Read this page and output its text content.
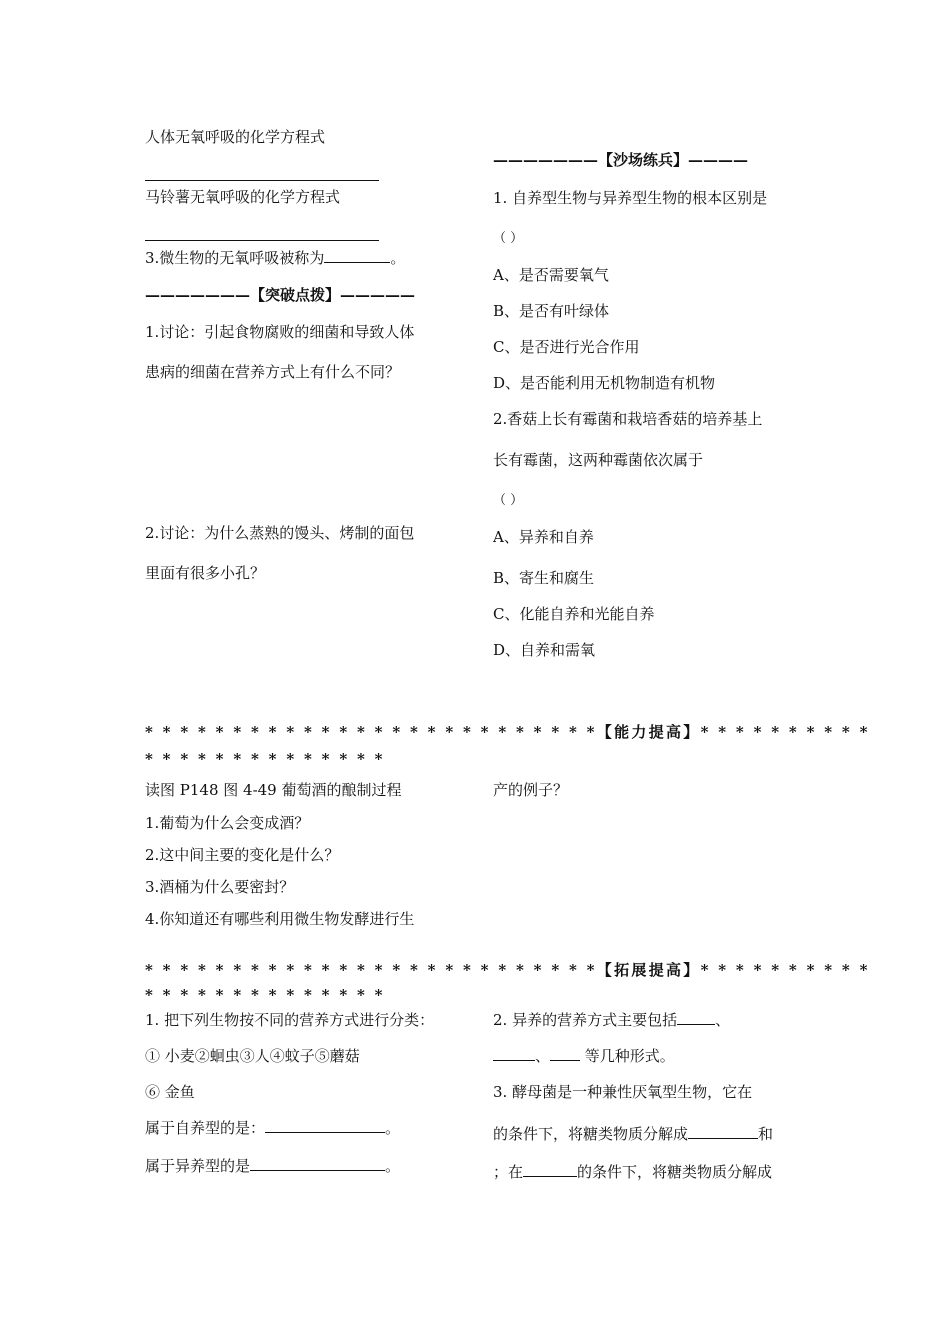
人体无氧呼吸的化学方程式
马铃薯无氧呼吸的化学方程式
3.微生物的无氧呼吸被称为	。
———————【突破点拨】—————
1.讨论：引起食物腐败的细菌和导致人体
患病的细菌在营养方式上有什么不同？
2.讨论：为什么蒸熟的馒头、烤制的面包
里面有很多小孔？
———————【沙场练兵】————
1. 自养型生物与异养型生物的根本区别是
（ ）
A、是否需要氧气
B、是否有叶绿体
C、是否进行光合作用
D、是否能利用无机物制造有机物
2.香菇上长有霉菌和栽培香菇的培养基上
长有霉菌，这两种霉菌依次属于
（ ）
A、异养和自养
B、寄生和腐生
C、化能自养和光能自养
D、自养和需氧
* * * * * * * * * * * * * * * * * * * * * * * * * *【能力提高】* * * * * * * * * *
* * * * * * * * * * * * * *
读图 P148 图 4-49 葡萄酒的酿制过程
1.葡萄为什么会变成酒？
2.这中间主要的变化是什么？
3.酒桶为什么要密封？
4.你知道还有哪些利用微生物发酵进行生
产的例子？
* * * * * * * * * * * * * * * * * * * * * * * * * *【拓展提高】* * * * * * * * * *
* * * * * * * * * * * * * *
1. 把下列生物按不同的营养方式进行分类：
① 小麦②蛔虫③人④蚊子⑤蘑菇
⑥ 金鱼
属于自养型的是：	。
属于异养型的是	。
2. 异养的营养方式主要包括	、
、 等几种形式。
3. 酵母菌是一种兼性厌氧型生物，它在
的条件下，将糖类物质分解成	和
；在	的条件下，将糖类物质分解成
